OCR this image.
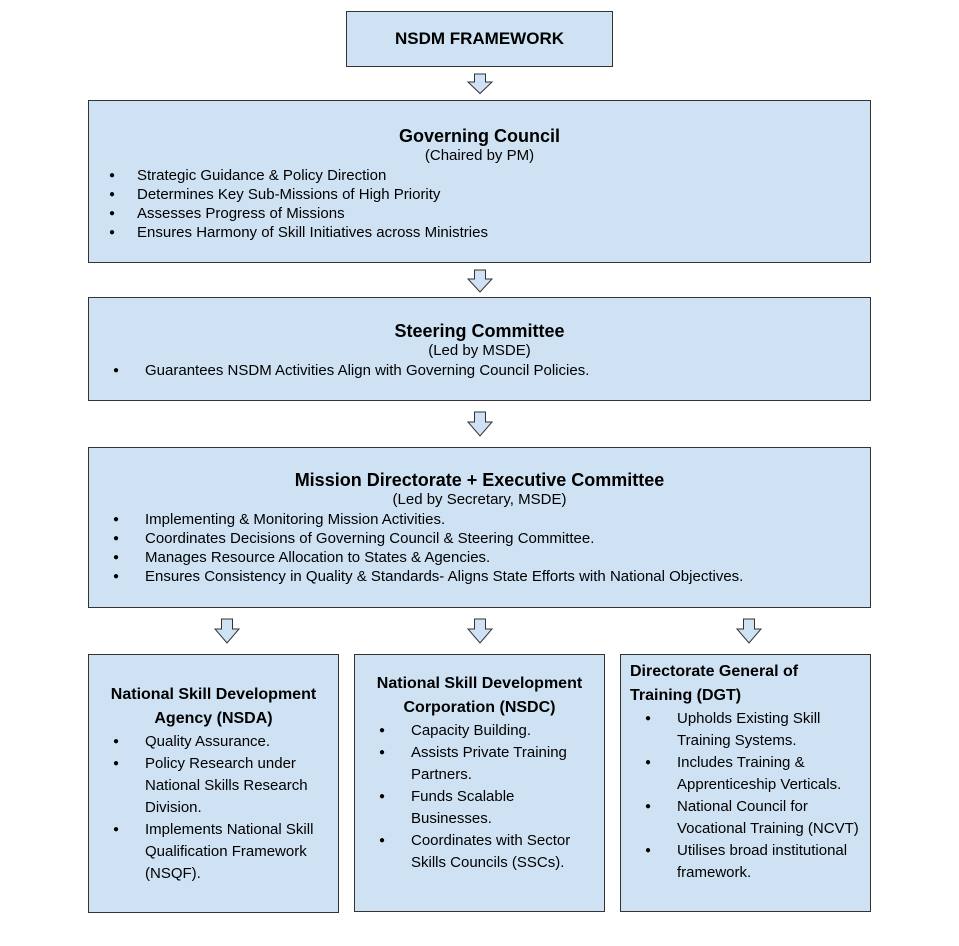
NSDM FRAMEWORK
Governing Council
(Chaired by PM)
● Strategic Guidance & Policy Direction
● Determines Key Sub-Missions of High Priority
● Assesses Progress of Missions
● Ensures Harmony of Skill Initiatives across Ministries
Steering Committee
(Led by MSDE)
● Guarantees NSDM Activities Align with Governing Council Policies.
Mission Directorate + Executive Committee
(Led by Secretary, MSDE)
● Implementing & Monitoring Mission Activities.
● Coordinates Decisions of Governing Council & Steering Committee.
● Manages Resource Allocation to States & Agencies.
● Ensures Consistency in Quality & Standards- Aligns State Efforts with National Objectives.
National Skill Development Agency (NSDA)
● Quality Assurance.
● Policy Research under National Skills Research Division.
● Implements National Skill Qualification Framework (NSQF).
National Skill Development Corporation (NSDC)
● Capacity Building.
● Assists Private Training Partners.
● Funds Scalable Businesses.
● Coordinates with Sector Skills Councils (SSCs).
Directorate General of Training (DGT)
● Upholds Existing Skill Training Systems.
● Includes Training & Apprenticeship Verticals.
● National Council for Vocational Training (NCVT)
● Utilises broad institutional framework.
